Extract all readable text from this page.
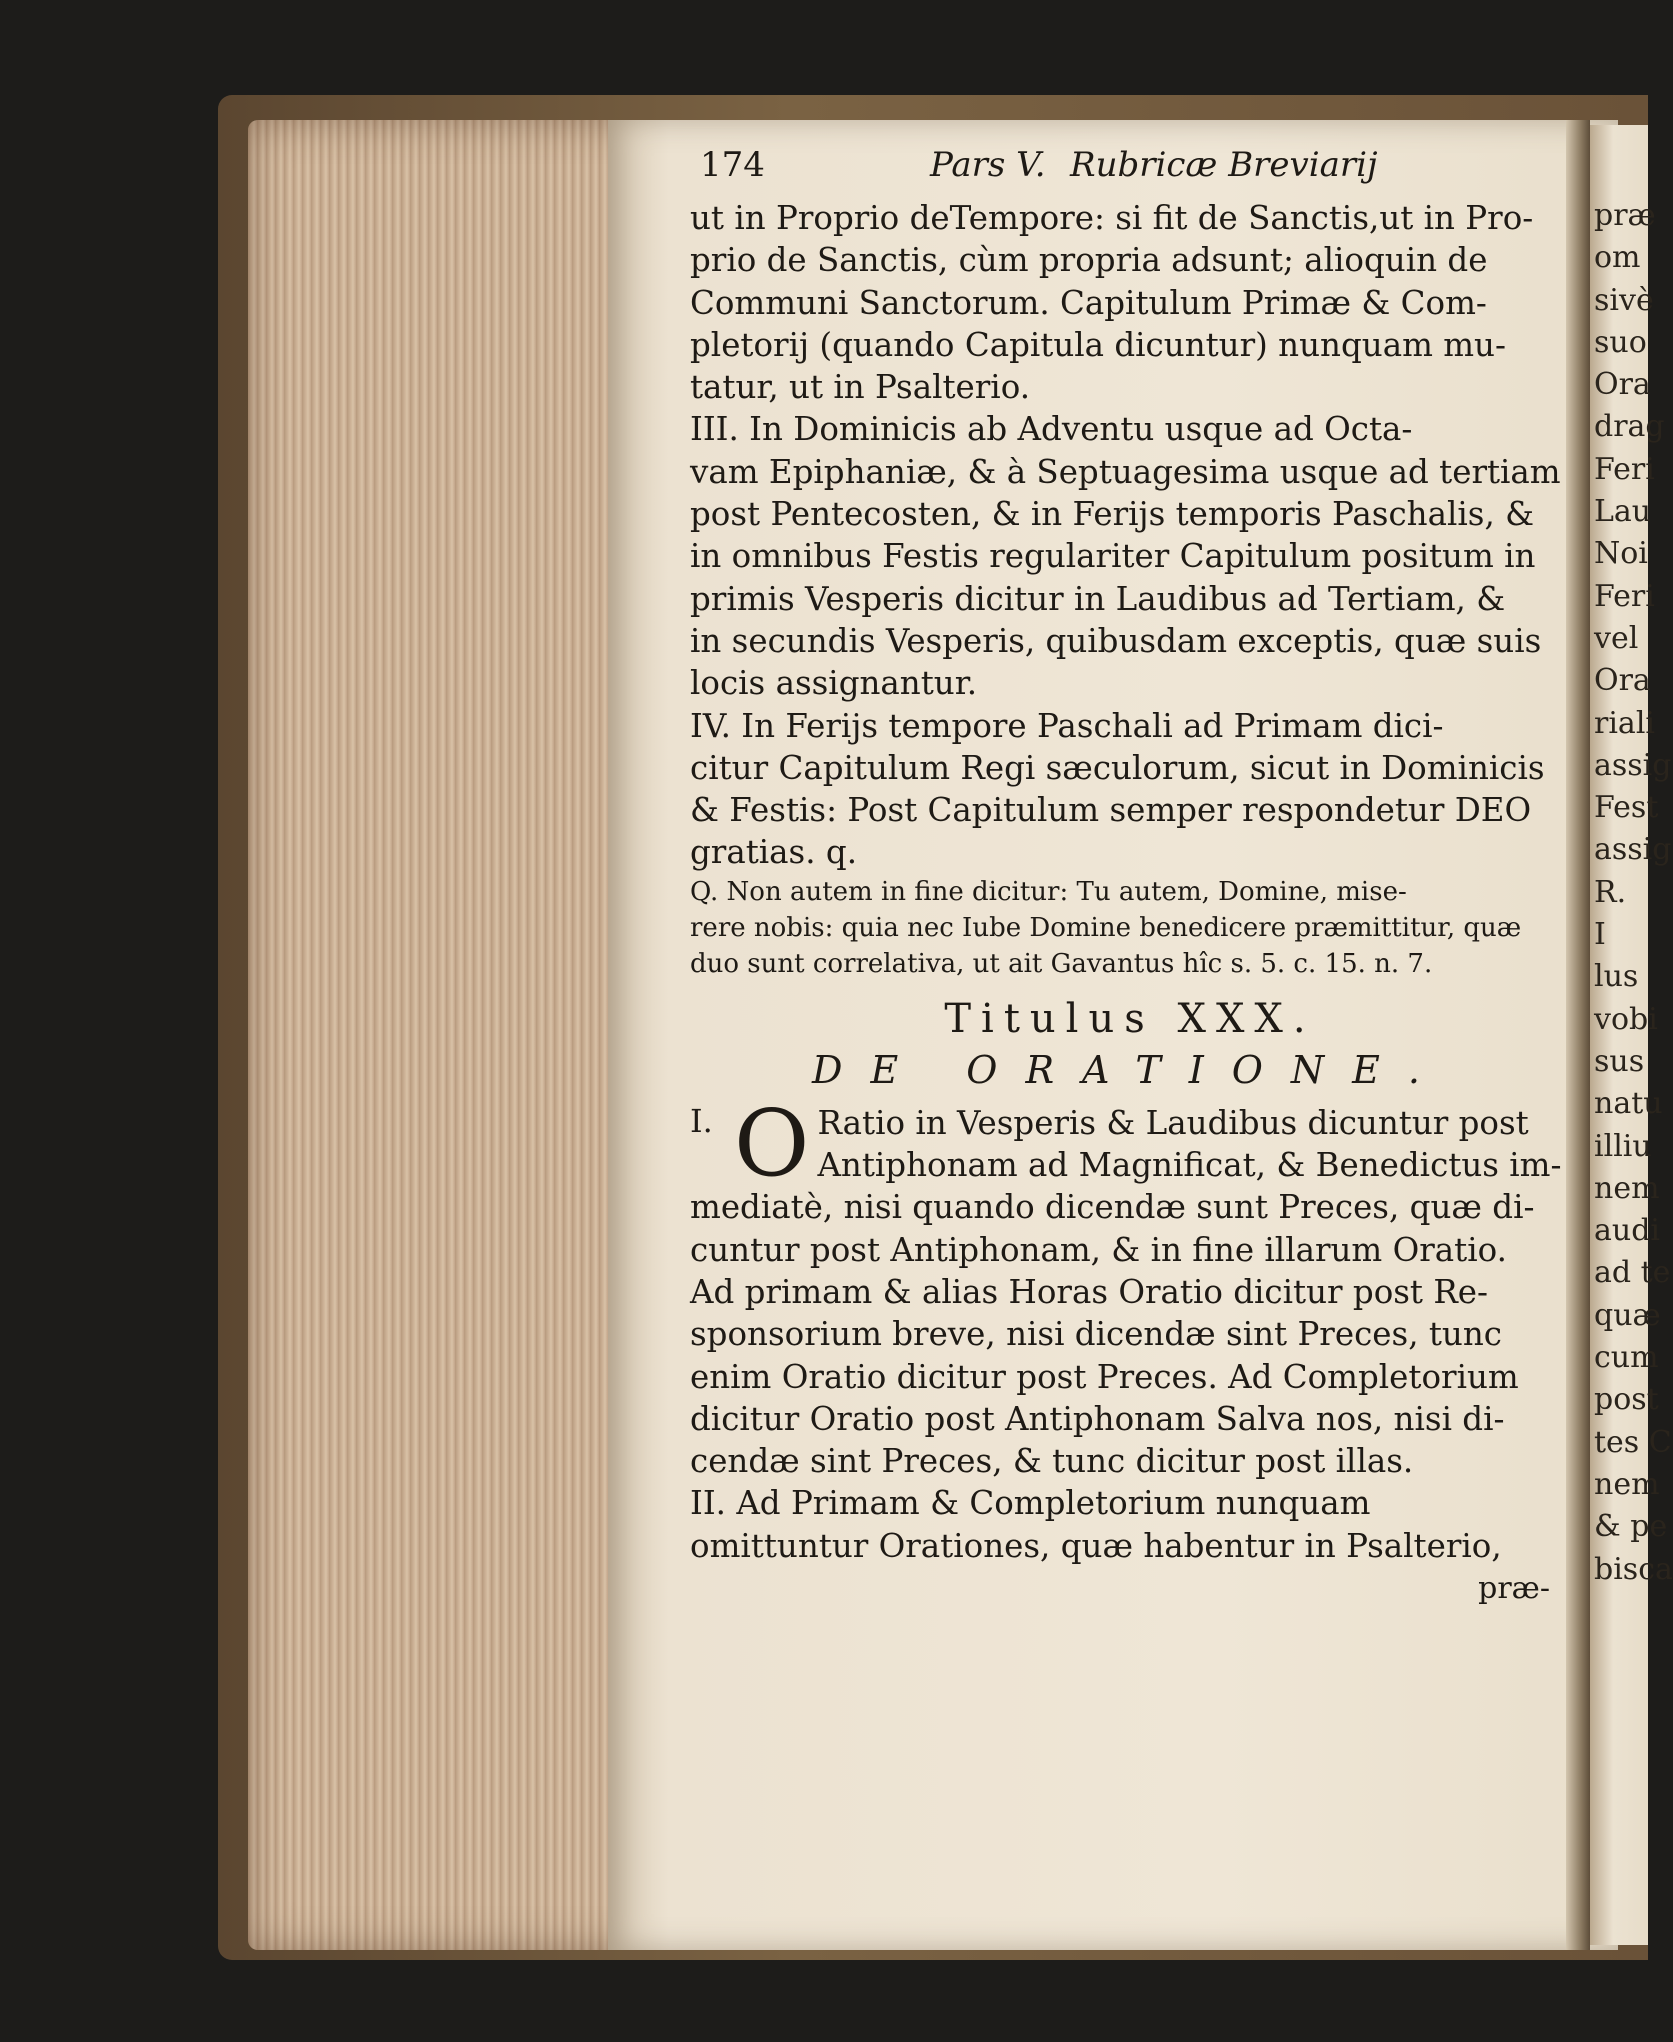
præ
om
sivè
suo
Ora
drag
Feri
Lau
Noi
Feri
vel
Ora
riali
assig
Fest
assig
R.
I
lus
vobi
sus
natu
illiu
nem
audi
ad te
quæ
cum
post
tes C
nem
& pe
bisca
174	Pars V. Rubricæ Breviarij

ut in Proprio deTempore: si fit de Sanctis,ut in Pro-

prio de Sanctis, cùm propria adsunt; alioquin de

Communi Sanctorum. Capitulum Primæ & Com-

pletorij (quando Capitula dicuntur) nunquam mu-

tatur, ut in Psalterio.

III. In Dominicis ab Adventu usque ad Octa-

vam Epiphaniæ, & à Septuagesima usque ad tertiam

post Pentecosten, & in Ferijs temporis Paschalis, &

in omnibus Festis regulariter Capitulum positum in

primis Vesperis dicitur in Laudibus ad Tertiam, &

in secundis Vesperis, quibusdam exceptis, quæ suis

locis assignantur.

IV. In Ferijs tempore Paschali ad Primam dici-

citur Capitulum Regi sæculorum, sicut in Dominicis

& Festis: Post Capitulum semper respondetur DEO

gratias. q.

Q. Non autem in fine dicitur: Tu autem, Domine, mise-

rere nobis: quia nec Iube Domine benedicere præmittitur, quæ

duo sunt correlativa, ut ait Gavantus hîc s. 5. c. 15. n. 7.

Titulus XXX.
DE ORATIONE.
I. O Ratio in Vesperis & Laudibus dicuntur post

Antiphonam ad Magnificat, & Benedictus im-

mediatè, nisi quando dicendæ sunt Preces, quæ di-

cuntur post Antiphonam, & in fine illarum Oratio.

Ad primam & alias Horas Oratio dicitur post Re-

sponsorium breve, nisi dicendæ sint Preces, tunc

enim Oratio dicitur post Preces. Ad Completorium

dicitur Oratio post Antiphonam Salva nos, nisi di-

cendæ sint Preces, & tunc dicitur post illas.

II. Ad Primam & Completorium nunquam

omittuntur Orationes, quæ habentur in Psalterio,

præ-
